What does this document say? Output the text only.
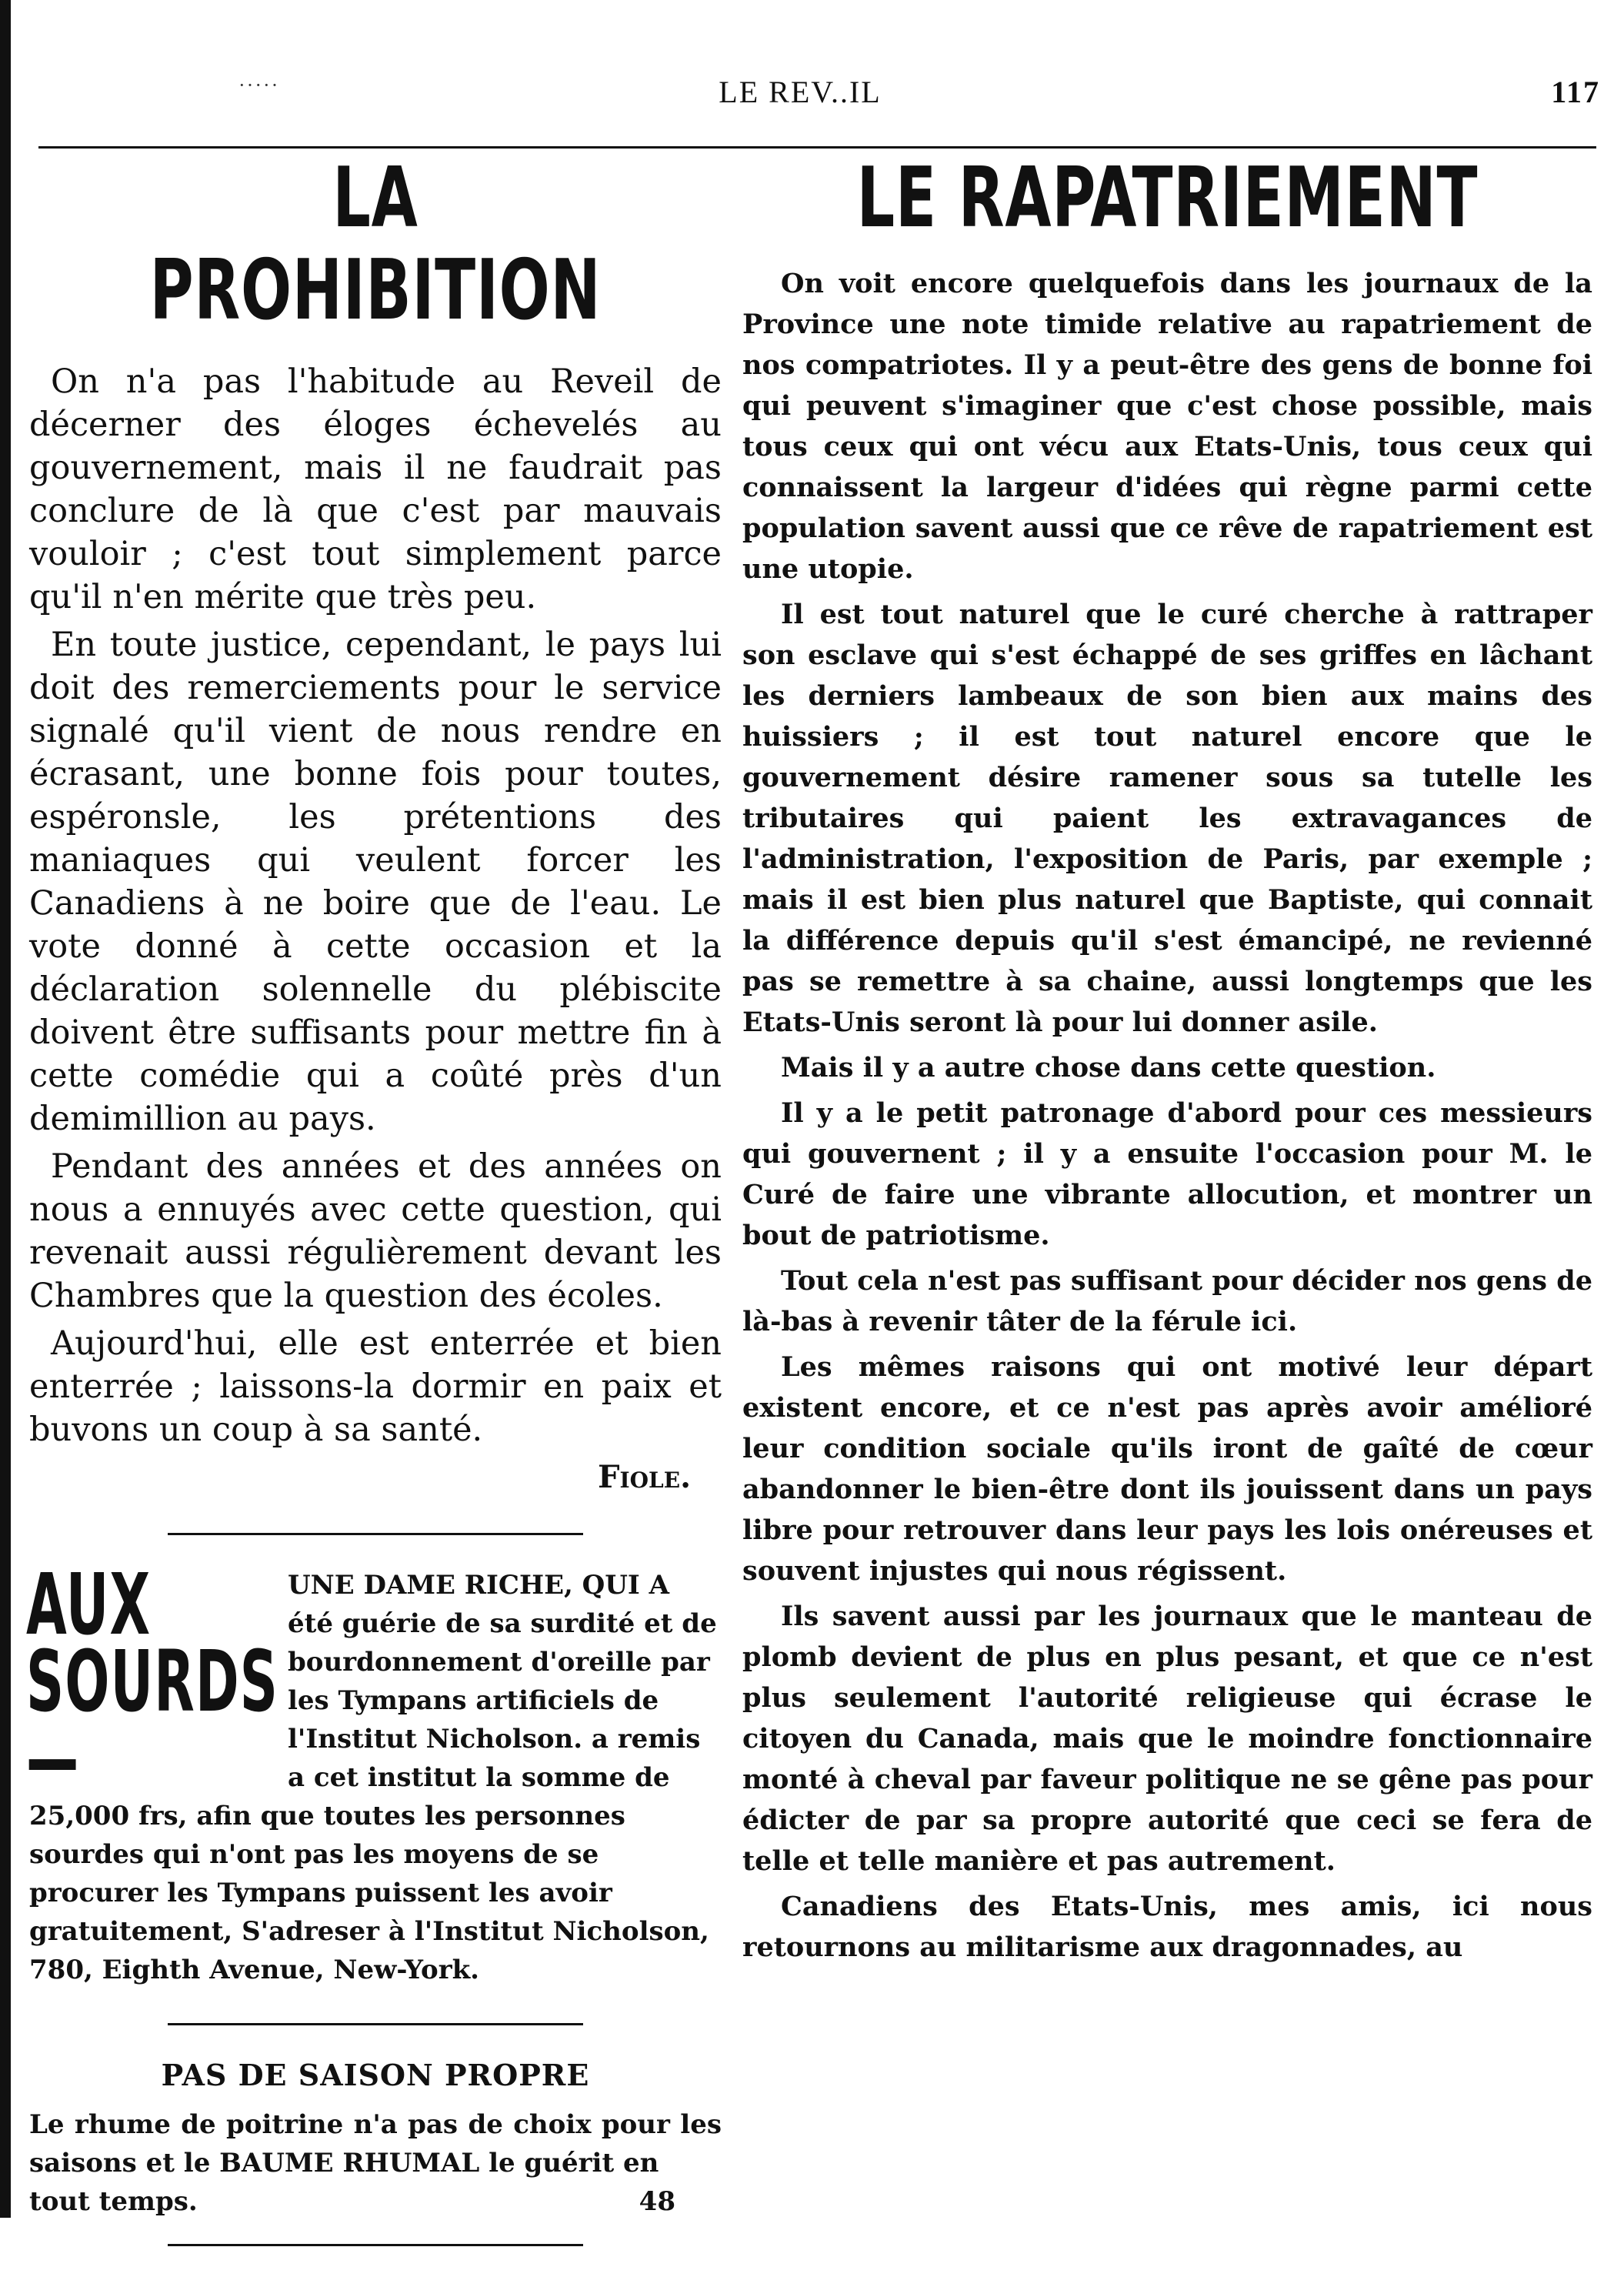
·····	LE REV..IL	117
LA PROHIBITION

On n'a pas l'habitude au Reveil de décerner des éloges échevelés au gouvernement, mais il ne faudrait pas conclure de là que c'est par mauvais vouloir ; c'est tout simplement parce qu'il n'en mérite que très peu.

En toute justice, cependant, le pays lui doit des remerciements pour le service signalé qu'il vient de nous rendre en écrasant, une bonne fois pour toutes, espéronsle, les prétentions des maniaques qui veulent forcer les Canadiens à ne boire que de l'eau. Le vote donné à cette occasion et la déclaration solennelle du plébiscite doivent être suffisants pour mettre fin à cette comédie qui a coûté près d'un demimillion au pays.

Pendant des années et des années on nous a ennuyés avec cette question, qui revenait aussi régulièrement devant les Chambres que la question des écoles.

Aujourd'hui, elle est enterrée et bien enterrée ; laissons-la dormir en paix et buvons un coup à sa santé.

Fiole.
AUX SOURDS—
UNE DAME RICHE, QUI A été guérie de sa surdité et de bourdonnement d'oreille par les Tympans artificiels de l'Institut Nicholson. a remis a cet institut la somme de 25,000 frs, afin que toutes les personnes sourdes qui n'ont pas les moyens de se procurer les Tympans puissent les avoir gratuitement, S'adreser à l'Institut Nicholson, 780, Eighth Avenue, New-York.
PAS DE SAISON PROPRE
Le rhume de poitrine n'a pas de choix pour les saisons et le BAUME RHUMAL le guérit en
tout temps.	48
LE RAPATRIEMENT

On voit encore quelquefois dans les journaux de la Province une note timide relative au rapatriement de nos compatriotes. Il y a peut-être des gens de bonne foi qui peuvent s'imaginer que c'est chose possible, mais tous ceux qui ont vécu aux Etats-Unis, tous ceux qui connaissent la largeur d'idées qui règne parmi cette population savent aussi que ce rêve de rapatriement est une utopie.

Il est tout naturel que le curé cherche à rattraper son esclave qui s'est échappé de ses griffes en lâchant les derniers lambeaux de son bien aux mains des huissiers ; il est tout naturel encore que le gouvernement désire ramener sous sa tutelle les tributaires qui paient les extravagances de l'administration, l'exposition de Paris, par exemple ; mais il est bien plus naturel que Baptiste, qui connait la différence depuis qu'il s'est émancipé, ne revienné pas se remettre à sa chaine, aussi longtemps que les Etats-Unis seront là pour lui donner asile.

Mais il y a autre chose dans cette question.

Il y a le petit patronage d'abord pour ces messieurs qui gouvernent ; il y a ensuite l'occasion pour M. le Curé de faire une vibrante allocution, et montrer un bout de patriotisme.

Tout cela n'est pas suffisant pour décider nos gens de là-bas à revenir tâter de la férule ici.

Les mêmes raisons qui ont motivé leur départ existent encore, et ce n'est pas après avoir amélioré leur condition sociale qu'ils iront de gaîté de cœur abandonner le bien-être dont ils jouissent dans un pays libre pour retrouver dans leur pays les lois onéreuses et souvent injustes qui nous régissent.

Ils savent aussi par les journaux que le manteau de plomb devient de plus en plus pesant, et que ce n'est plus seulement l'autorité religieuse qui écrase le citoyen du Canada, mais que le moindre fonctionnaire monté à cheval par faveur politique ne se gêne pas pour édicter de par sa propre autorité que ceci se fera de telle et telle manière et pas autrement.

Canadiens des Etats-Unis, mes amis, ici nous retournons au militarisme aux dragonnades, au
